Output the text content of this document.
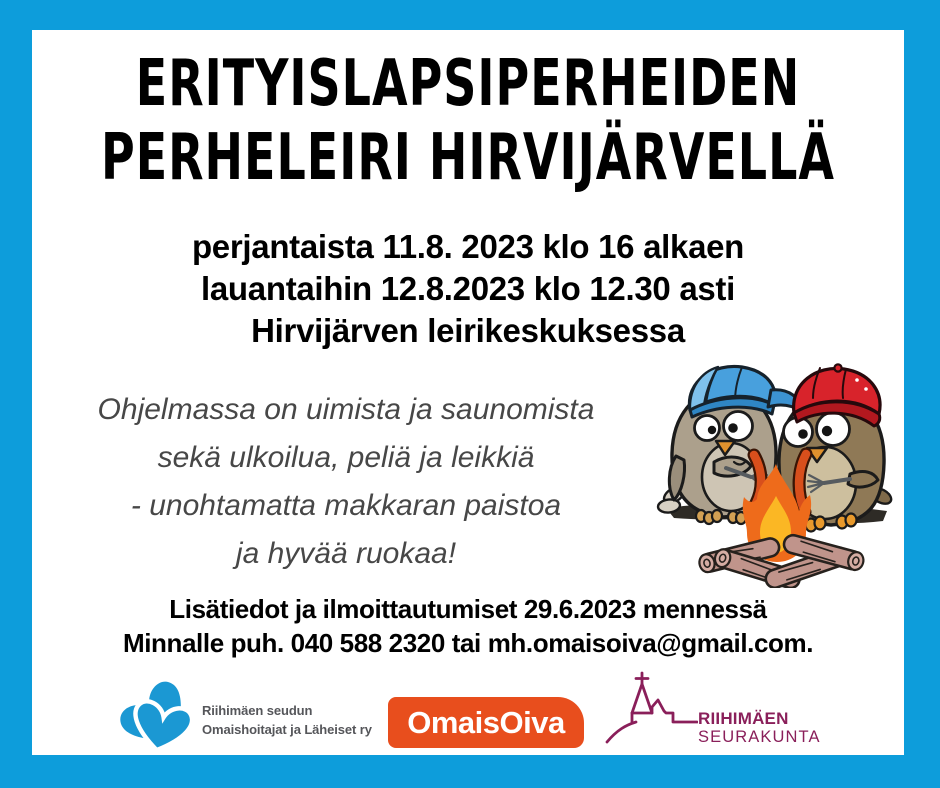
ERITYISLAPSIPERHEIDEN
PERHELEIRI HIRVIJÄRVELLÄ
perjantaista 11.8. 2023 klo 16 alkaen
lauantaihin 12.8.2023 klo 12.30 asti
Hirvijärven leirikeskuksessa
Ohjelmassa on uimista ja saunomista
sekä ulkoilua, peliä ja leikkiä
- unohtamatta makkaran paistoa
ja hyvää ruokaa!
Lisätiedot ja ilmoittautumiset 29.6.2023 mennessä
Minnalle puh. 040 588 2320 tai mh.omaisoiva@gmail.com.
Riihimäen seudun
Omaishoitajat ja Läheiset ry OmaisOiva	RIIHIMÄEN
SEURAKUNTA
